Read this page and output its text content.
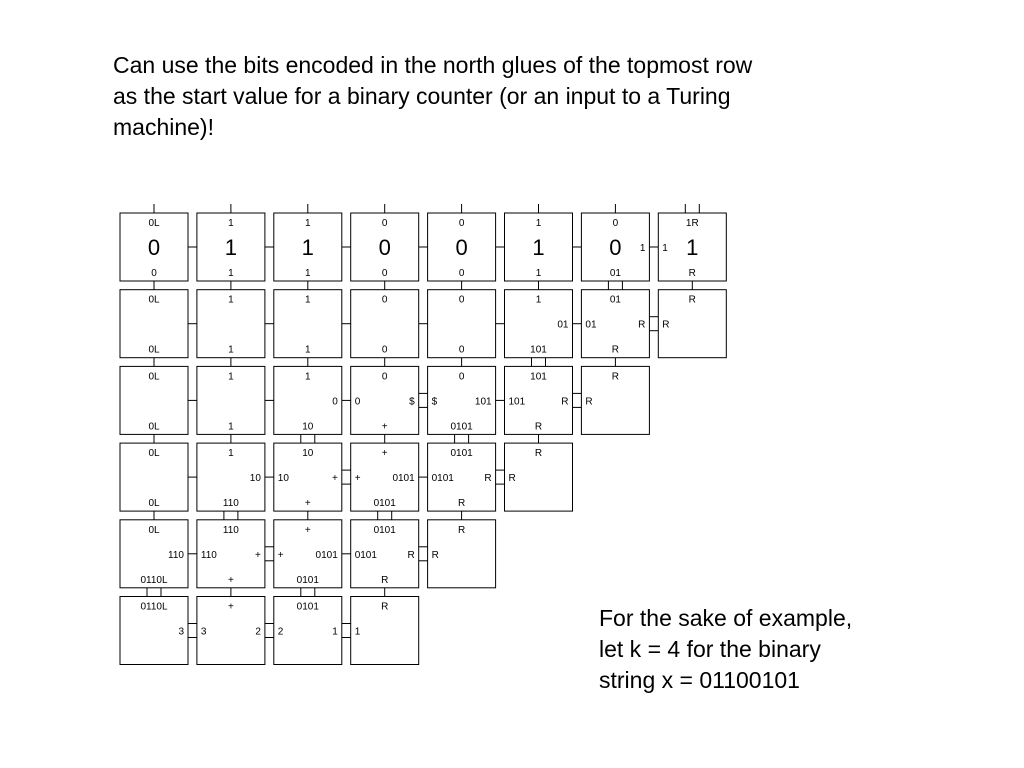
Can use the bits encoded in the north glues of the topmost row
as the start value for a binary counter (or an input to a Turing
machine)!

0L
0
0
1
1
1
1
1
1
0
0
0
0
0
0
1
1
1
0
01
1
0
1R
R
1 1
0L
0L
1
1
1
1
0
0
0
0
1
101
01
01
R
01	R
R
R
0L
0L
1
1
1
10
0
0
+
0	$
0
0101
$	101
101
R
101	R
R
R
0L
0L
1
110
10
10
+
10	+
+
0101
+	0101
0101
R
0101	R
R
R
0L
0110L
110
110
+
110	+
+
0101
+	0101
0101
R
0101	R
R
R
0110L
3
+
3	2
0101
2	1
R
1

For the sake of example,
let k = 4 for the binary
string x = 01100101
